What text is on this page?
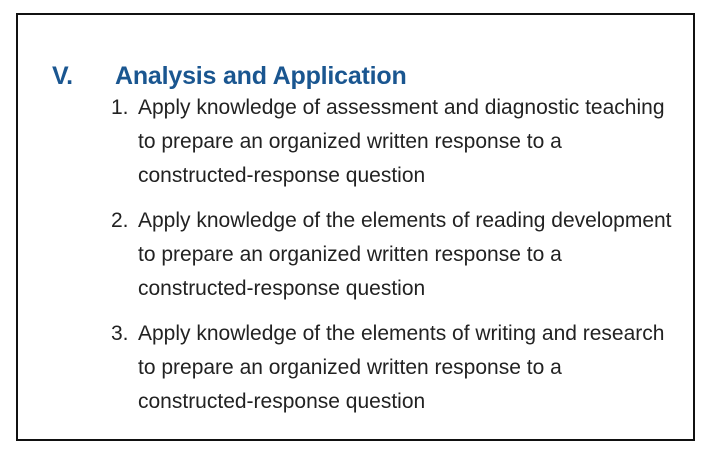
V.	Analysis and Application
1. Apply knowledge of assessment and diagnostic teaching to prepare an organized written response to a constructed-response question
2. Apply knowledge of the elements of reading development to prepare an organized written response to a constructed-response question
3. Apply knowledge of the elements of writing and research to prepare an organized written response to a constructed-response question
